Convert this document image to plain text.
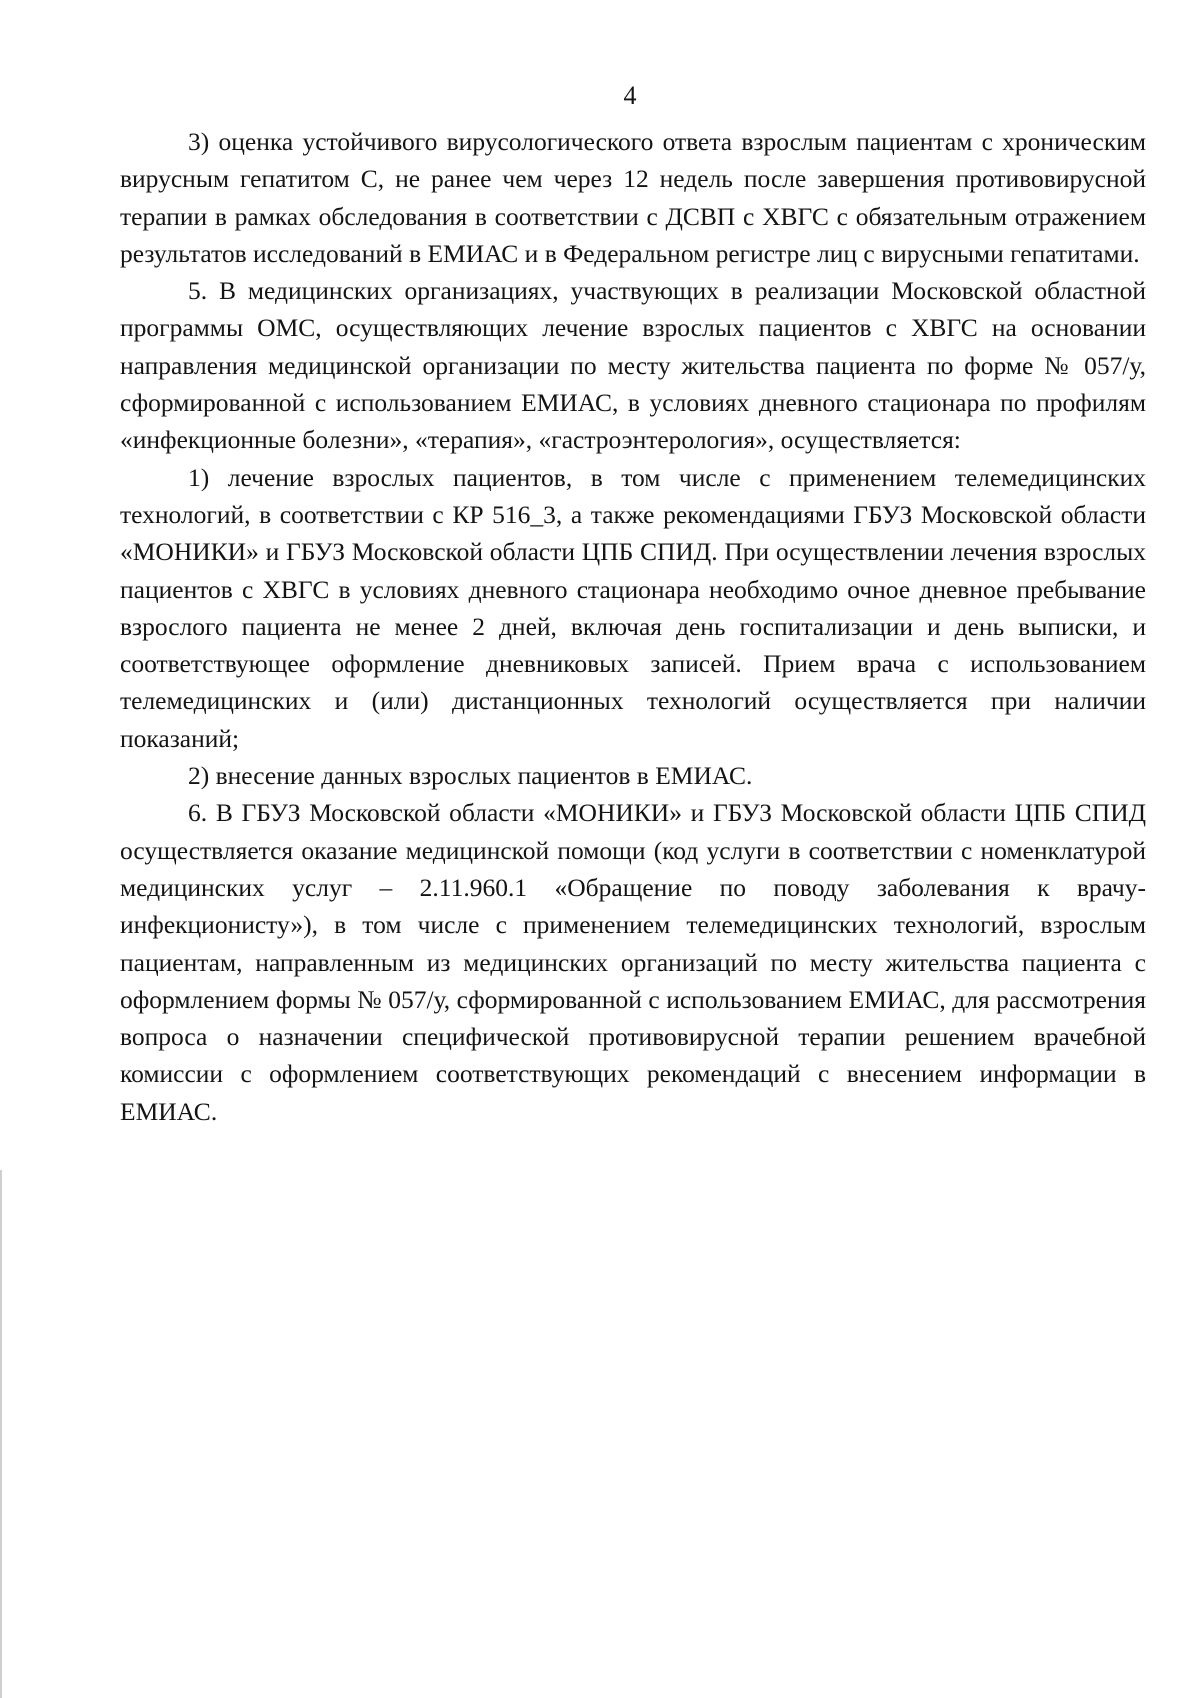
4

3) оценка устойчивого вирусологического ответа взрослым пациентам с хроническим вирусным гепатитом С, не ранее чем через 12 недель после завершения противовирусной терапии в рамках обследования в соответствии с ДСВП с ХВГС с обязательным отражением результатов исследований в ЕМИАС и в Федеральном регистре лиц с вирусными гепатитами.

5. В медицинских организациях, участвующих в реализации Московской областной программы ОМС, осуществляющих лечение взрослых пациентов с ХВГС на основании направления медицинской организации по месту жительства пациента по форме № 057/у, сформированной с использованием ЕМИАС, в условиях дневного стационара по профилям «инфекционные болезни», «терапия», «гастроэнтерология», осуществляется:

1) лечение взрослых пациентов, в том числе с применением телемедицинских технологий, в соответствии с КР 516_3, а также рекомендациями ГБУЗ Московской области «МОНИКИ» и ГБУЗ Московской области ЦПБ СПИД. При осуществлении лечения взрослых пациентов с ХВГС в условиях дневного стационара необходимо очное дневное пребывание взрослого пациента не менее 2 дней, включая день госпитализации и день выписки, и соответствующее оформление дневниковых записей. Прием врача с использованием телемедицинских и (или) дистанционных технологий осуществляется при наличии показаний;

2) внесение данных взрослых пациентов в ЕМИАС.

6. В ГБУЗ Московской области «МОНИКИ» и ГБУЗ Московской области ЦПБ СПИД осуществляется оказание медицинской помощи (код услуги в соответствии с номенклатурой медицинских услуг – 2.11.960.1 «Обращение по поводу заболевания к врачу-инфекционисту»), в том числе с применением телемедицинских технологий, взрослым пациентам, направленным из медицинских организаций по месту жительства пациента с оформлением формы № 057/у, сформированной с использованием ЕМИАС, для рассмотрения вопроса о назначении специфической противовирусной терапии решением врачебной комиссии с оформлением соответствующих рекомендаций с внесением информации в ЕМИАС.
